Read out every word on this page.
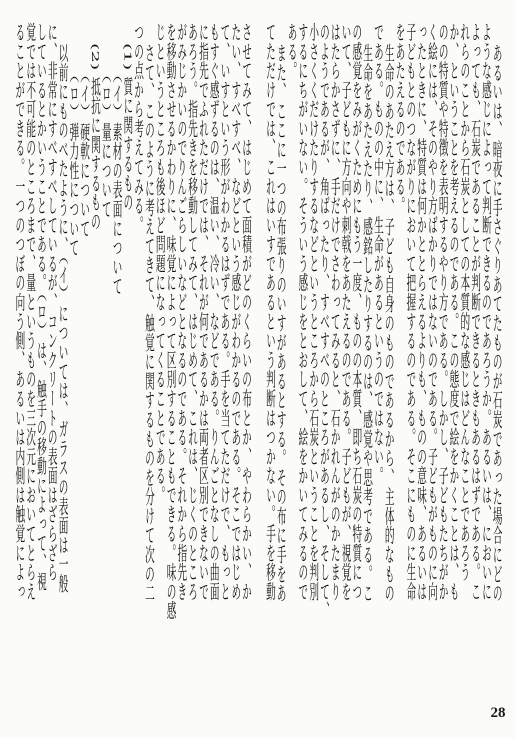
あるいは、暗夜に手さぐりあてたものが石炭であった場合にどの
ような感じによって判断できるのであろうか。あるいは、においに
よっても、石炭であることが判断できるときもあるはずである。こ
れらのことから石炭としての本質的な感じはどんなことであろう
か、ということを考えるのである。この態度で絵をかくことは、も
のの特質や特徴を表明するやり方である。しかし、子どもたちがか
く絵には、そのやり方ばかりではないのである。子どもがものに向
ったときに、特質は何かととらえるよりも、ものの意味、あるいは
子どもとのつながりにおいて把握するのである。そこにものに生命
をあたえるのである。
生命のあたえ方は、子ども自身のものであるから、主体的なもの
である。ものの中に、生命があるというのではない。
生命をあたえたり、感銘したりするのは、感覚や思考である。こ
の感覚をみがくためにもう一度、ものの本質、即ち石炭の特質につ
いて、子どもに方向や刺戟をあたえるのである。子どもが、視覚を
はたらかさずに、手だけでさわってみると、石かれんがのかたまり
のようであるが、角ばったり、すべすべのところがあるし、そして、
小さくくだけたりするなどというところから石炭ということを判別
するにちがいない。そういう感じをとおして、絵をかいてみるので
ある。
また、ここに一つの布張りのいすがあるとする。その布に手をあ
てただけでは、これはいすであるという判断はつかない。手を移動
させてみて、はじめて面積がどのくらいの布とか、やわらかい、か
たい、すべすべ、などという感じがわかるのである。そこではじめ
て、いすという形がわかるはずである。手を当てただけで、もっと
もすぐ感ずるのは、温い、冷い、などである。りんごとなしの曲面
に指先でふれただけでは、それが何であるかは両者区別できないで
あろう。指先きを移動してみて、はじめて、これは、じくのところ
がみじかいのでりんごらしいなどとなるのである。それから指先き
を移動させるかわりに、味覚によって区別することもできる。味の感
じというところも後ほど問題になってくることである。
さて、このように考えてきて、触覚に関するものを分けて次の二
つの点から考えてみる。
(1) 質に関するもの
（イ）素材の表面について
（ロ）量について
(2) 抵抗に関するもの
（イ）硬軟について
（ロ）弾力性について
以前にものべたように、（イ）については、ガラスの表面は一般
に、非常にすべすべしているが、コンクリートの表面はざらざら
しているとかいうことである。（ロ）は、触手の移動によって、視
覚では不可能のところまで、量というものを三次元においてとらえ
ることができる。一つのつぼの向う側、あるいは内側は触覚によっ
28
